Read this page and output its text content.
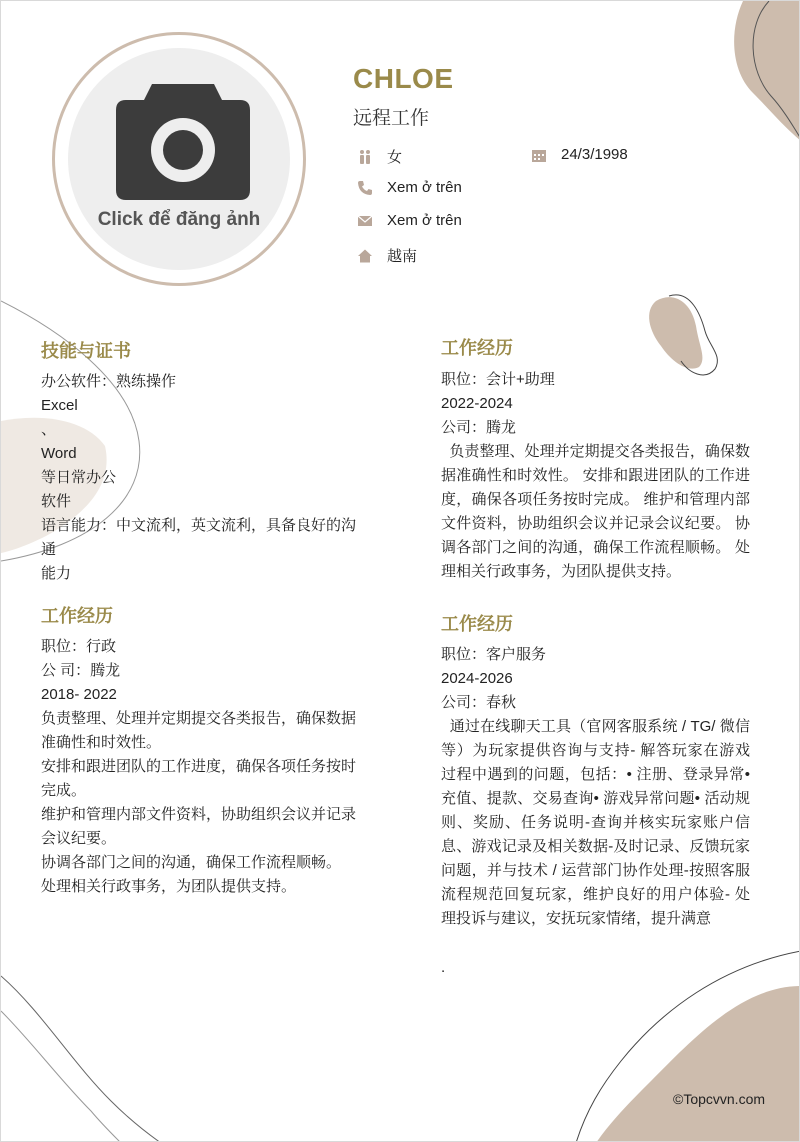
Click để đăng ảnh
CHLOE
远程工作
女	24/3/1998
Xem ở trên
Xem ở trên
越南
技能与证书
办公软件：熟练操作
Excel
、
Word
等日常办公
软件
语言能力：中文流利，英文流利，具备良好的沟
通
能力
工作经历
职位：行政
公 司：腾龙
2018- 2022
负责整理、处理并定期提交各类报告，确保数据
准确性和时效性。
安排和跟进团队的工作进度，确保各项任务按时
完成。
维护和管理内部文件资料，协助组织会议并记录
会议纪要。
协调各部门之间的沟通，确保工作流程顺畅。
处理相关行政事务，为团队提供支持。
工作经历
职位：会计+助理
2022-2024
公司：腾龙
负责整理、处理并定期提交各类报告，确保数据准确性和时效性。 安排和跟进团队的工作进度，确保各项任务按时完成。 维护和管理内部文件资料，协助组织会议并记录会议纪要。 协调各部门之间的沟通，确保工作流程顺畅。 处理相关行政事务，为团队提供支持。
工作经历
职位：客户服务
2024-2026
公司：春秋
通过在线聊天工具（官网客服系统 / TG/ 微信等）为玩家提供咨询与支持- 解答玩家在游戏过程中遇到的问题，包括：• 注册、登录异常• 充值、提款、交易查询• 游戏异常问题• 活动规则、奖励、任务说明-查询并核实玩家账户信息、游戏记录及相关数据-及时记录、反馈玩家问题，并与技术 / 运营部门协作处理-按照客服流程规范回复玩家，维护良好的用户体验- 处理投诉与建议，安抚玩家情绪，提升满意
.
©Topcvvn.com
